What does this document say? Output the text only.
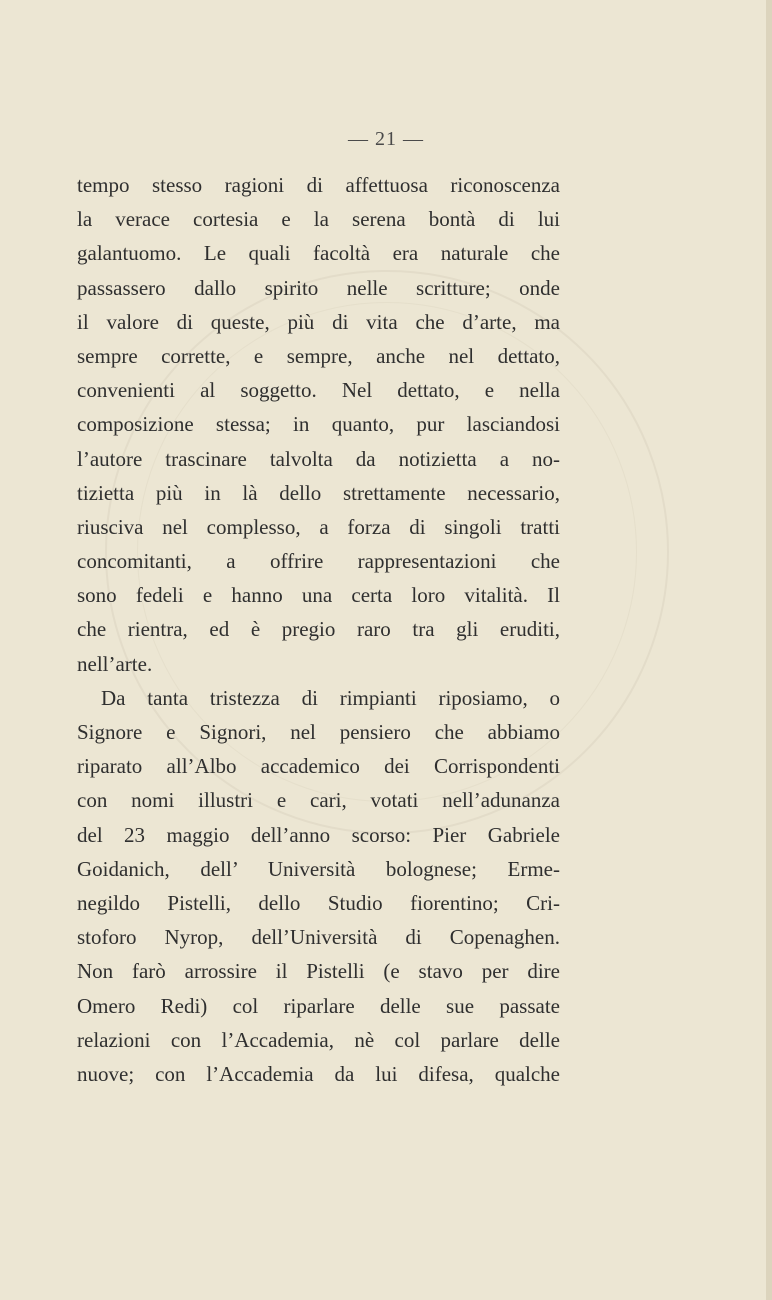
— 21 —
tempo stesso ragioni di affettuosa riconoscenza
la verace cortesia e la serena bontà di lui
galantuomo. Le quali facoltà era naturale che
passassero dallo spirito nelle scritture; onde
il valore di queste, più di vita che d’arte, ma
sempre corrette, e sempre, anche nel dettato,
convenienti al soggetto. Nel dettato, e nella
composizione stessa; in quanto, pur lasciandosi
l’autore trascinare talvolta da notizietta a no-
tizietta più in là dello strettamente necessario,
riusciva nel complesso, a forza di singoli tratti
concomitanti, a offrire rappresentazioni che
sono fedeli e hanno una certa loro vitalità. Il
che rientra, ed è pregio raro tra gli eruditi,
nell’arte.
Da tanta tristezza di rimpianti riposiamo, o
Signore e Signori, nel pensiero che abbiamo
riparato all’Albo accademico dei Corrispondenti
con nomi illustri e cari, votati nell’adunanza
del 23 maggio dell’anno scorso: Pier Gabriele
Goidanich, dell’ Università bolognese; Erme-
negildo Pistelli, dello Studio fiorentino; Cri-
stoforo Nyrop, dell’Università di Copenaghen.
Non farò arrossire il Pistelli (e stavo per dire
Omero Redi) col riparlare delle sue passate
relazioni con l’Accademia, nè col parlare delle
nuove; con l’Accademia da lui difesa, qualche
